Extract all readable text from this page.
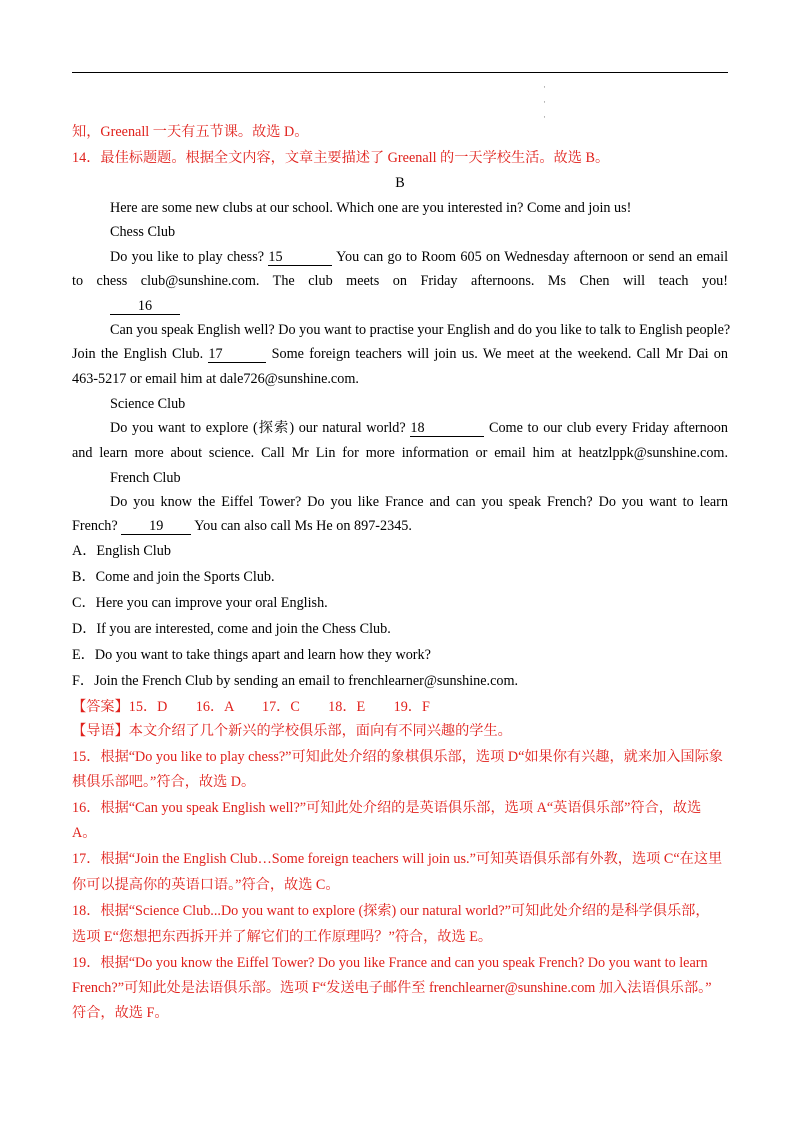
·
·
·
知，Greenall 一天有五节课。故选 D。
14．最佳标题题。根据全文内容，文章主要描述了 Greenall 的一天学校生活。故选 B。
B
Here are some new clubs at our school. Which one are you interested in? Come and join us!
Chess Club
Do you like to play chess? 15	You can go to Room 605 on Wednesday afternoon or send an email
to chess club@sunshine.com. The club meets on Friday afternoons. Ms Chen will teach you!
16
Can you speak English well? Do you want to practise your English and do you like to talk to English people?
Join the English Club. 17	Some foreign teachers will join us. We meet at the weekend. Call Mr Dai on
463-5217 or email him at dale726@sunshine.com.
Science Club
Do you want to explore (探索) our natural world? 18	Come to our club every Friday afternoon
and learn more about science. Call Mr Lin for more information or email him at heatzlppk@sunshine.com.
French Club
Do you know the Eiffel Tower? Do you like France and can you speak French? Do you want to learn
French? 19 You can also call Ms He on 897-2345.
A．English Club
B．Come and join the Sports Club.
C．Here you can improve your oral English.
D．If you are interested, come and join the Chess Club.
E．Do you want to take things apart and learn how they work?
F．Join the French Club by sending an email to frenchlearner@sunshine.com.
【答案】15．D　　16．A　　17．C　　18．E　　19．F
【导语】本文介绍了几个新兴的学校俱乐部，面向有不同兴趣的学生。
15．根据“Do you like to play chess?”可知此处介绍的象棋俱乐部，选项 D“如果你有兴趣，就来加入国际象
棋俱乐部吧。”符合，故选 D。
16．根据“Can you speak English well?”可知此处介绍的是英语俱乐部，选项 A“英语俱乐部”符合，故选
A。
17．根据“Join the English Club…Some foreign teachers will join us.”可知英语俱乐部有外教，选项 C“在这里
你可以提高你的英语口语。”符合，故选 C。
18．根据“Science Club...Do you want to explore (探索) our natural world?”可知此处介绍的是科学俱乐部，
选项 E“您想把东西拆开并了解它们的工作原理吗？”符合，故选 E。
19．根据“Do you know the Eiffel Tower? Do you like France and can you speak French? Do you want to learn
French?”可知此处是法语俱乐部。选项 F“发送电子邮件至 frenchlearner@sunshine.com 加入法语俱乐部。”
符合，故选 F。
